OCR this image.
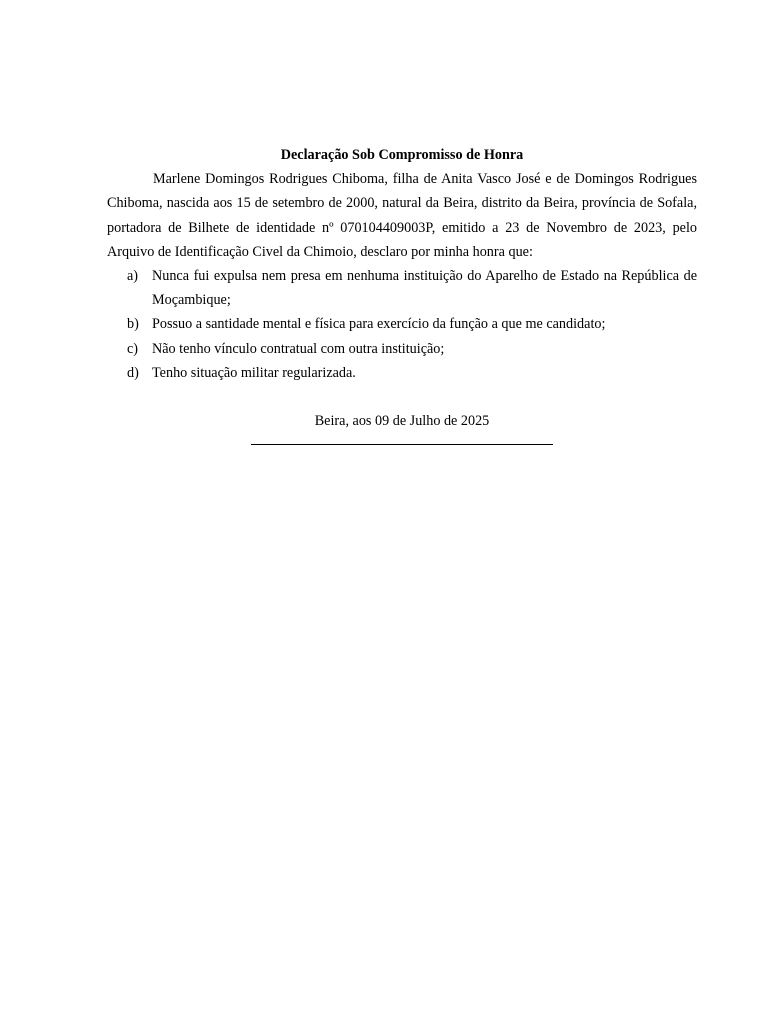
Declaração Sob Compromisso de Honra

Marlene Domingos Rodrigues Chiboma, filha de Anita Vasco José e de Domingos Rodrigues Chiboma, nascida aos 15 de setembro de 2000, natural da Beira, distrito da Beira, província de Sofala, portadora de Bilhete de identidade nº 070104409003P, emitido a 23 de Novembro de 2023, pelo Arquivo de Identificação Civel da Chimoio, desclaro por minha honra que:

a) Nunca fui expulsa nem presa em nenhuma instituição do Aparelho de Estado na República de Moçambique;
b) Possuo a santidade mental e física para exercício da função a que me candidato;
c) Não tenho vínculo contratual com outra instituição;
d) Tenho situação militar regularizada.

Beira, aos 09 de Julho de 2025
